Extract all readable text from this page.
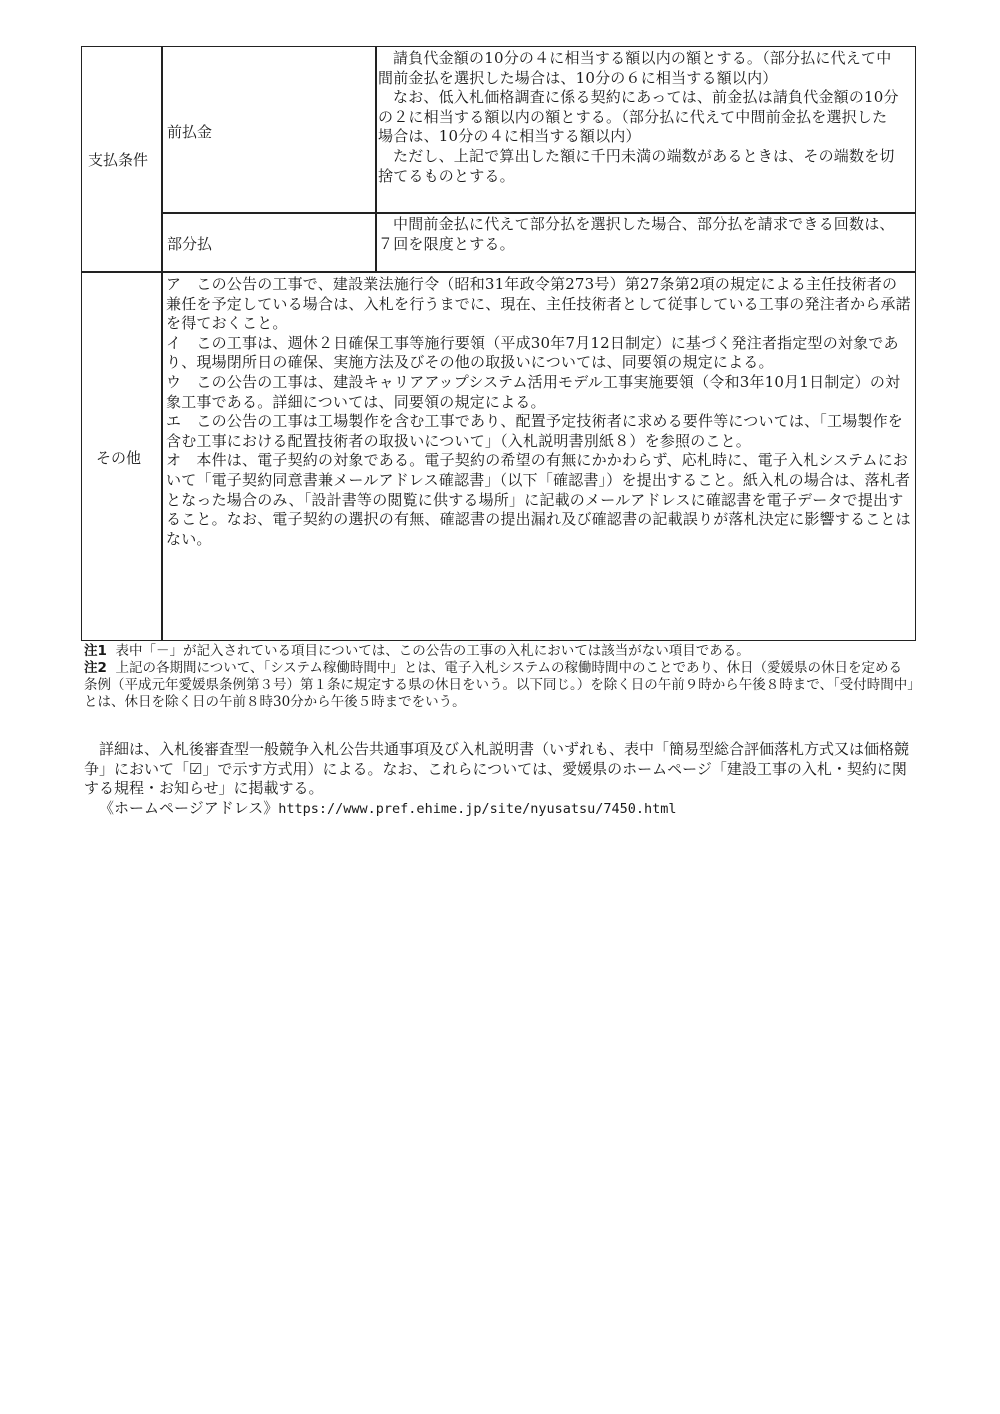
支払条件
前払金

請負代金額の10分の４に相当する額以内の額とする。（部分払に代えて中間前金払を選択した場合は、10分の６に相当する額以内）

なお、低入札価格調査に係る契約にあっては、前金払は請負代金額の10分の２に相当する額以内の額とする。（部分払に代えて中間前金払を選択した場合は、10分の４に相当する額以内）

ただし、上記で算出した額に千円未満の端数があるときは、その端数を切捨てるものとする。

部分払

中間前金払に代えて部分払を選択した場合、部分払を請求できる回数は、７回を限度とする。

その他

ア　この公告の工事で、建設業法施行令（昭和31年政令第273号）第27条第2項の規定による主任技術者の兼任を予定している場合は、入札を行うまでに、現在、主任技術者として従事している工事の発注者から承諾を得ておくこと。

イ　この工事は、週休２日確保工事等施行要領（平成30年7月12日制定）に基づく発注者指定型の対象であり、現場閉所日の確保、実施方法及びその他の取扱いについては、同要領の規定による。

ウ　この公告の工事は、建設キャリアアップシステム活用モデル工事実施要領（令和3年10月1日制定）の対象工事である。詳細については、同要領の規定による。

エ　この公告の工事は工場製作を含む工事であり、配置予定技術者に求める要件等については、「工場製作を含む工事における配置技術者の取扱いについて」（入札説明書別紙８）を参照のこと。

オ　本件は、電子契約の対象である。電子契約の希望の有無にかかわらず、応札時に、電子入札システムにおいて「電子契約同意書兼メールアドレス確認書」（以下「確認書」）を提出すること。紙入札の場合は、落札者となった場合のみ、「設計書等の閲覧に供する場所」に記載のメールアドレスに確認書を電子データで提出すること。なお、電子契約の選択の有無、確認書の提出漏れ及び確認書の記載誤りが落札決定に影響することはない。

注1 表中「－」が記入されている項目については、この公告の工事の入札においては該当がない項目である。

注2 上記の各期間について、「システム稼働時間中」とは、電子入札システムの稼働時間中のことであり、休日（愛媛県の休日を定める条例（平成元年愛媛県条例第３号）第１条に規定する県の休日をいう。以下同じ。）を除く日の午前９時から午後８時まで、「受付時間中」とは、休日を除く日の午前８時30分から午後５時までをいう。

詳細は、入札後審査型一般競争入札公告共通事項及び入札説明書（いずれも、表中「簡易型総合評価落札方式又は価格競争」において「☑」で示す方式用）による。なお、これらについては、愛媛県のホームページ「建設工事の入札・契約に関する規程・お知らせ」に掲載する。

《ホームページアドレス》https://www.pref.ehime.jp/site/nyusatsu/7450.html
